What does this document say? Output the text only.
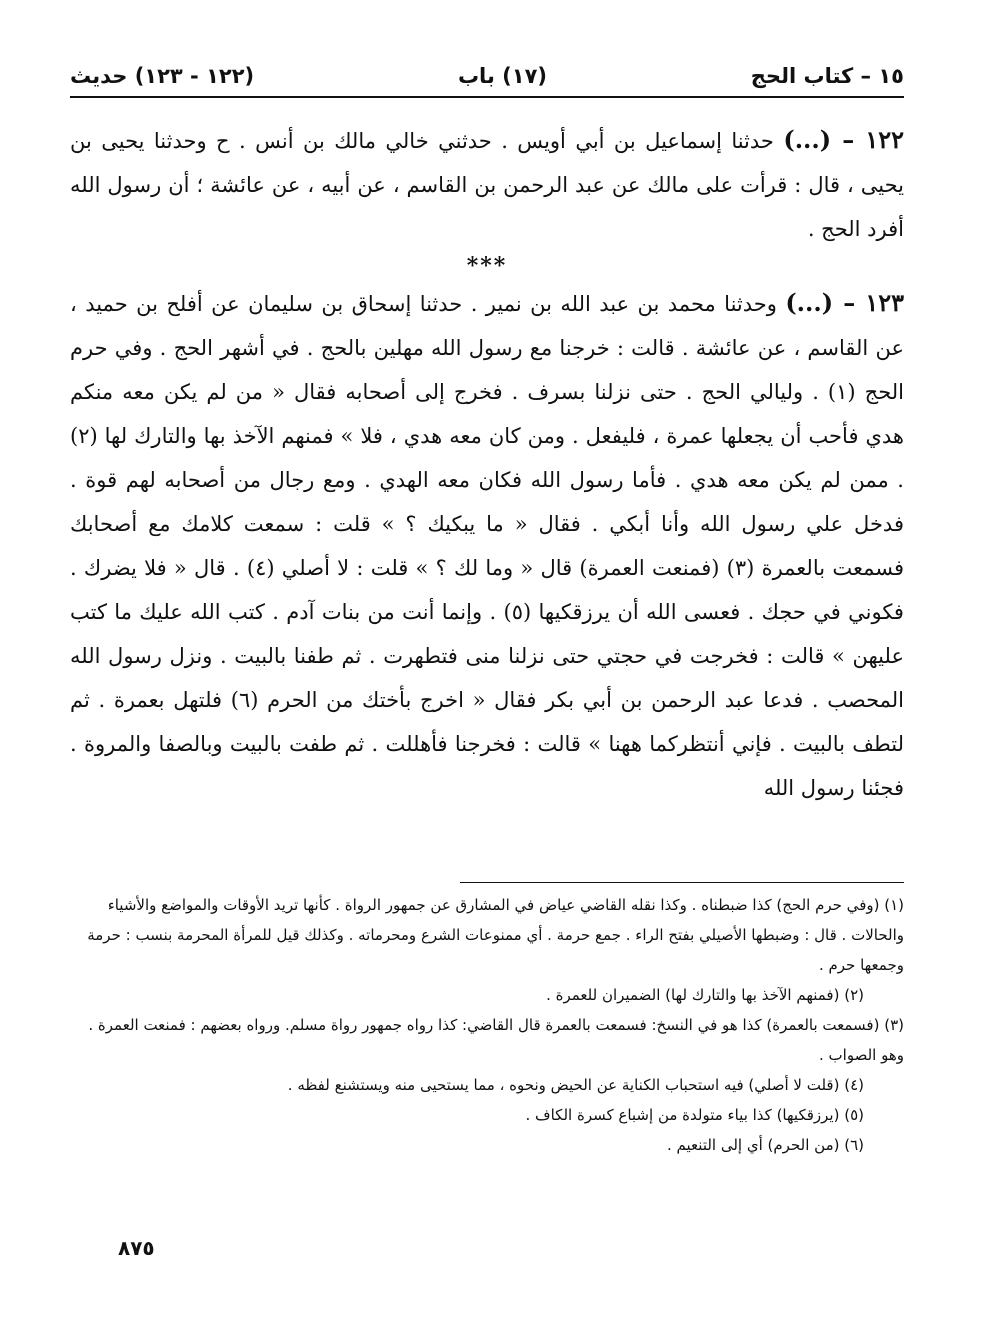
١٥ – كتاب الحج
(١٧) باب
(١٢٢ - ١٢٣) حديث

١٢٢ – (...) حدثنا إسماعيل بن أبي أويس . حدثني خالي مالك بن أنس . ح وحدثنا يحيى بن يحيى ، قال : قرأت على مالك عن عبد الرحمن بن القاسم ، عن أبيه ، عن عائشة ؛ أن رسول الله أفرد الحج .

***

١٢٣ – (...) وحدثنا محمد بن عبد الله بن نمير . حدثنا إسحاق بن سليمان عن أفلح بن حميد ، عن القاسم ، عن عائشة . قالت : خرجنا مع رسول الله مهلين بالحج . في أشهر الحج . وفي حرم الحج (١) . وليالي الحج . حتى نزلنا بسرف . فخرج إلى أصحابه فقال « من لم يكن معه منكم هدي فأحب أن يجعلها عمرة ، فليفعل . ومن كان معه هدي ، فلا » فمنهم الآخذ بها والتارك لها (٢) . ممن لم يكن معه هدي . فأما رسول الله فكان معه الهدي . ومع رجال من أصحابه لهم قوة . فدخل علي رسول الله وأنا أبكي . فقال « ما يبكيك ؟ » قلت : سمعت كلامك مع أصحابك فسمعت بالعمرة (٣) (فمنعت العمرة) قال « وما لك ؟ » قلت : لا أصلي (٤) . قال « فلا يضرك . فكوني في حجك . فعسى الله أن يرزقكيها (٥) . وإنما أنت من بنات آدم . كتب الله عليك ما كتب عليهن » قالت : فخرجت في حجتي حتى نزلنا منى فتطهرت . ثم طفنا بالبيت . ونزل رسول الله المحصب . فدعا عبد الرحمن بن أبي بكر فقال « اخرج بأختك من الحرم (٦) فلتهل بعمرة . ثم لتطف بالبيت . فإني أنتظركما ههنا » قالت : فخرجنا فأهللت . ثم طفت بالبيت وبالصفا والمروة . فجئنا رسول الله

(١) (وفي حرم الحج) كذا ضبطناه . وكذا نقله القاضي عياض في المشارق عن جمهور الرواة . كأنها تريد الأوقات والمواضع والأشياء والحالات . قال : وضبطها الأصيلي بفتح الراء . جمع حرمة . أي ممنوعات الشرع ومحرماته . وكذلك قيل للمرأة المحرمة بنسب : حرمة وجمعها حرم .

(٢) (فمنهم الآخذ بها والتارك لها) الضميران للعمرة .

(٣) (فسمعت بالعمرة) كذا هو في النسخ: فسمعت بالعمرة قال القاضي: كذا رواه جمهور رواة مسلم. ورواه بعضهم : فمنعت العمرة . وهو الصواب .

(٤) (قلت لا أصلي) فيه استحباب الكناية عن الحيض ونحوه ، مما يستحيى منه ويستشنع لفظه .

(٥) (يرزقكيها) كذا بياء متولدة من إشباع كسرة الكاف .

(٦) (من الحرم) أي إلى التنعيم .

٨٧٥
